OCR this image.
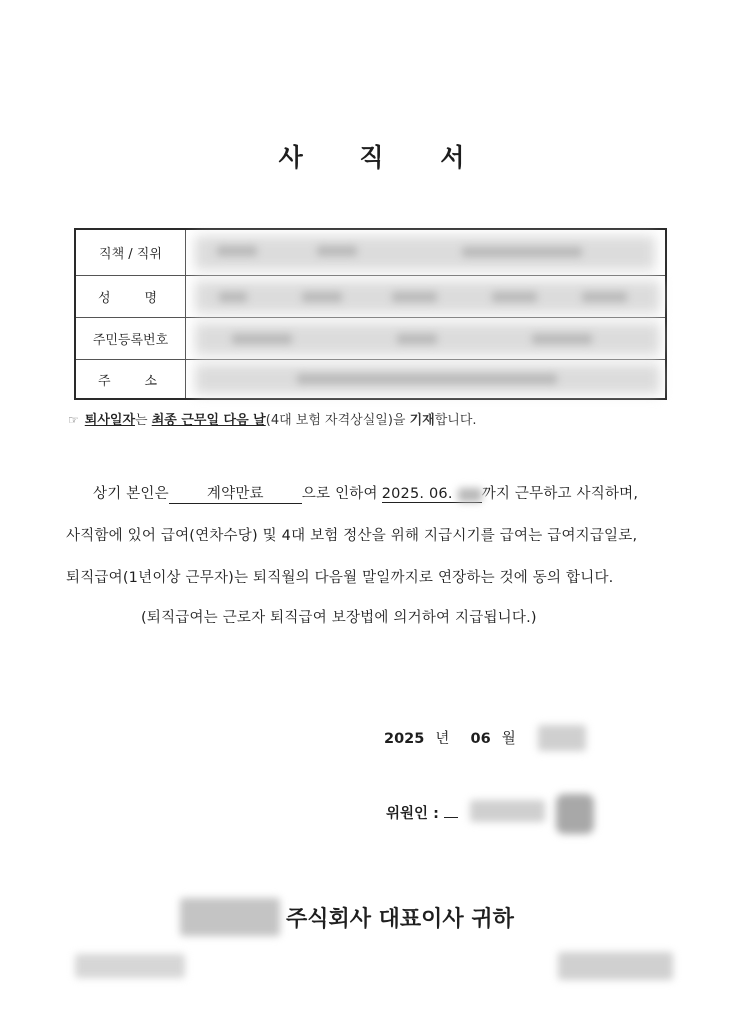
사 직 서
직책 / 직위
성	명
주민등록번호
주	소
☞ 퇴사일자는 최종 근무일 다음 날(4대 보험 자격상실일)을 기재합니다.
상기 본인은	계약만료	으로 인하여 2025. 06. 까지 근무하고 사직하며,
사직함에 있어 급여(연차수당) 및 4대 보험 정산을 위해 지급시기를 급여는 급여지급일로,
퇴직급여(1년이상 근무자)는 퇴직월의 다음월 말일까지로 연장하는 것에 동의 합니다.
(퇴직급여는 근로자 퇴직급여 보장법에 의거하여 지급됩니다.)
2025 년 06 월
위원인 :
주식회사 대표이사 귀하
